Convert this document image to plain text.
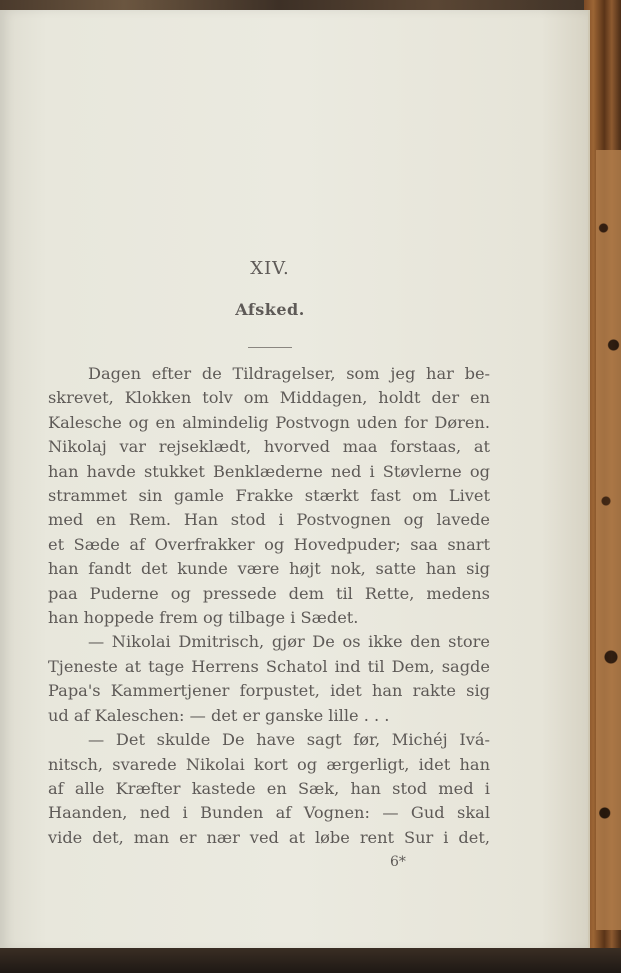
XIV.
Afsked.
Dagen efter de Tildragelser, som jeg har be-
skrevet, Klokken tolv om Middagen, holdt der en
Kalesche og en almindelig Postvogn uden for Døren.
Nikolaj var rejseklædt, hvorved maa forstaas, at
han havde stukket Benklæderne ned i Støvlerne og
strammet sin gamle Frakke stærkt fast om Livet
med en Rem. Han stod i Postvognen og lavede
et Sæde af Overfrakker og Hovedpuder; saa snart
han fandt det kunde være højt nok, satte han sig
paa Puderne og pressede dem til Rette, medens
han hoppede frem og tilbage i Sædet.
— Nikolai Dmitrisch, gjør De os ikke den store
Tjeneste at tage Herrens Schatol ind til Dem, sagde
Papa's Kammertjener forpustet, idet han rakte sig
ud af Kaleschen: — det er ganske lille . . .
— Det skulde De have sagt før, Michéj Ivá-
nitsch, svarede Nikolai kort og ærgerligt, idet han
af alle Kræfter kastede en Sæk, han stod med i
Haanden, ned i Bunden af Vognen: — Gud skal
vide det, man er nær ved at løbe rent Sur i det,
6*
